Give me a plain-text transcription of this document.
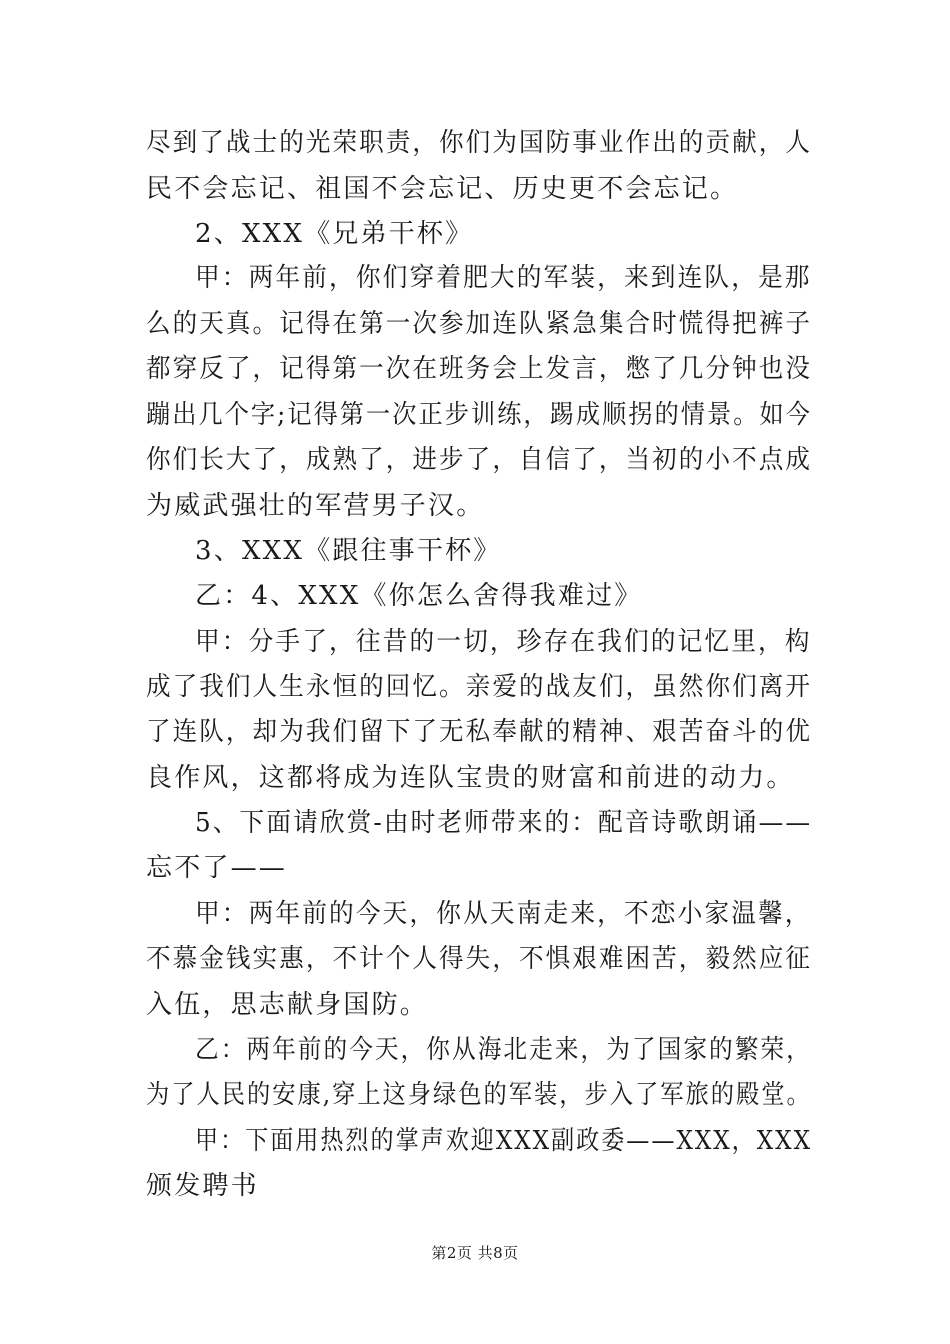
尽到了战士的光荣职责，你们为国防事业作出的贡献，人
民不会忘记、祖国不会忘记、历史更不会忘记。
2、XXX《兄弟干杯》
甲：两年前，你们穿着肥大的军装，来到连队，是那
么的天真。记得在第一次参加连队紧急集合时慌得把裤子
都穿反了，记得第一次在班务会上发言，憋了几分钟也没
蹦出几个字;记得第一次正步训练，踢成顺拐的情景。如今
你们长大了，成熟了，进步了，自信了，当初的小不点成
为威武强壮的军营男子汉。
3、XXX《跟往事干杯》
乙：4、XXX《你怎么舍得我难过》
甲：分手了，往昔的一切，珍存在我们的记忆里，构
成了我们人生永恒的回忆。亲爱的战友们，虽然你们离开
了连队，却为我们留下了无私奉献的精神、艰苦奋斗的优
良作风，这都将成为连队宝贵的财富和前进的动力。
5、下面请欣赏-由时老师带来的：配音诗歌朗诵——
忘不了——
甲：两年前的今天，你从天南走来，不恋小家温馨，
不慕金钱实惠，不计个人得失，不惧艰难困苦，毅然应征
入伍，思志献身国防。
乙：两年前的今天，你从海北走来，为了国家的繁荣，
为了人民的安康,穿上这身绿色的军装，步入了军旅的殿堂。
甲：下面用热烈的掌声欢迎XXX副政委——XXX，XXX
颁发聘书
第2页 共8页
